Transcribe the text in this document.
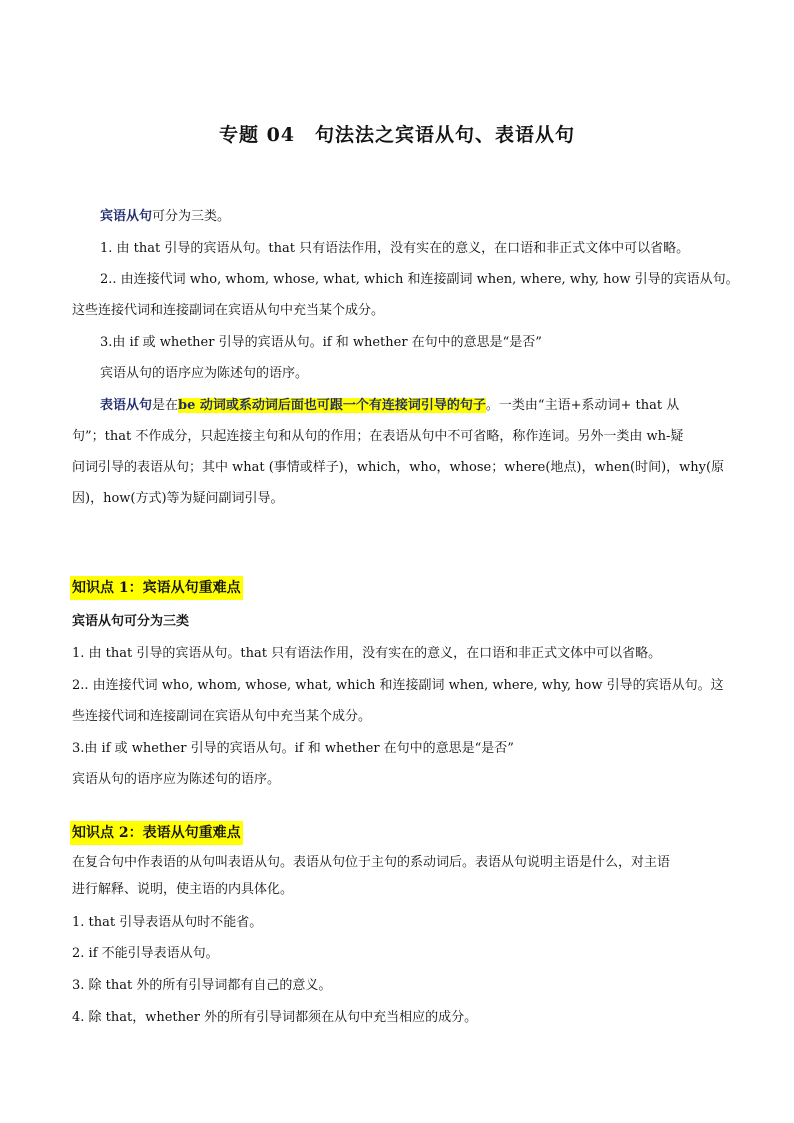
专题 04　句法法之宾语从句、表语从句
宾语从句可分为三类。
1. 由 that 引导的宾语从句。that 只有语法作用，没有实在的意义，在口语和非正式文体中可以省略。
2.. 由连接代词 who, whom, whose, what, which 和连接副词 when, where, why, how 引导的宾语从句。
这些连接代词和连接副词在宾语从句中充当某个成分。
3.由 if 或 whether 引导的宾语从句。if 和 whether 在句中的意思是“是否”
宾语从句的语序应为陈述句的语序。
表语从句是在be 动词或系动词后面也可跟一个有连接词引导的句子。一类由“主语+系动词+ that 从
句”；that 不作成分，只起连接主句和从句的作用；在表语从句中不可省略，称作连词。另外一类由 wh-疑
问词引导的表语从句；其中 what (事情或样子)，which，who，whose；where(地点)，when(时间)，why(原
因)，how(方式)等为疑问副词引导。
知识点 1：宾语从句重难点
宾语从句可分为三类
1. 由 that 引导的宾语从句。that 只有语法作用，没有实在的意义，在口语和非正式文体中可以省略。
2.. 由连接代词 who, whom, whose, what, which 和连接副词 when, where, why, how 引导的宾语从句。这
些连接代词和连接副词在宾语从句中充当某个成分。
3.由 if 或 whether 引导的宾语从句。if 和 whether 在句中的意思是“是否”
宾语从句的语序应为陈述句的语序。
知识点 2：表语从句重难点
在复合句中作表语的从句叫表语从句。表语从句位于主句的系动词后。表语从句说明主语是什么，对主语
进行解释、说明，使主语的内具体化。
1. that 引导表语从句时不能省。
2. if 不能引导表语从句。
3. 除 that 外的所有引导词都有自己的意义。
4. 除 that，whether 外的所有引导词都须在从句中充当相应的成分。
